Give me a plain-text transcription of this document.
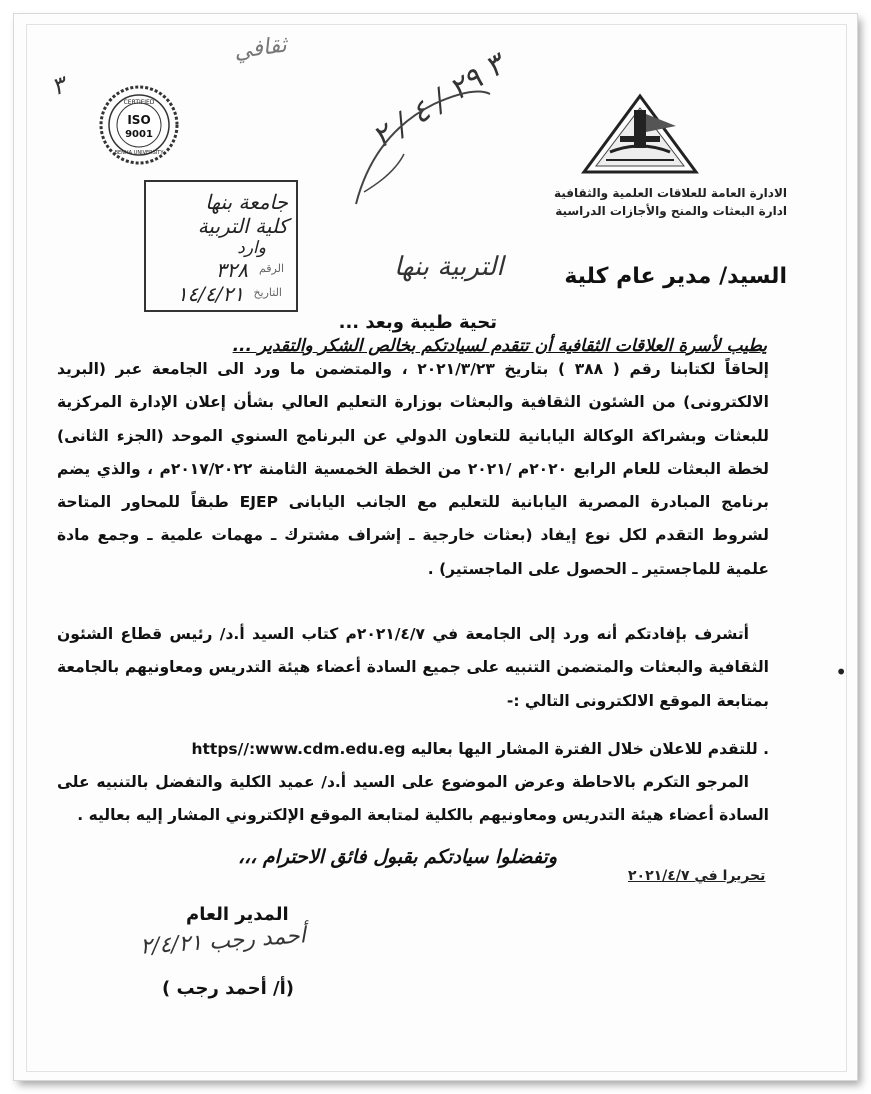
CERTIFIED
ISO
9001
BENHA UNIVERSITY
الادارة العامة للعلاقات العلمية والثقافية
ادارة البعثات والمنح والأجازات الدراسية
ثقافي
٣
٣ ٢٩ / ٤ / ٢
جامعة بنها
كلية التربية
وارد
الرقم
٣٢٨
التاريخ
١٤/٤/٢١
السيد/ مدير عام كلية
التربية بنها
تحية طيبة وبعد ...
يطيب لأسرة العلاقات الثقافية أن تتقدم لسيادتكم بخالص الشكر والتقدير ...
إلحاقاً لكتابنا رقم ( ٣٨٨ ) بتاريخ ٢٠٢١/٣/٢٣ ، والمتضمن ما ورد الى الجامعة عبر (البريد الالكترونى) من الشئون الثقافية والبعثات بوزارة التعليم العالي بشأن إعلان الإدارة المركزية للبعثات وبشراكة الوكالة اليابانية للتعاون الدولي عن البرنامج السنوي الموحد (الجزء الثانى) لخطة البعثات للعام الرابع ٢٠٢٠م /٢٠٢١ من الخطة الخمسية الثامنة ٢٠١٧/٢٠٢٢م ، والذي يضم برنامج المبادرة المصرية اليابانية للتعليم مع الجانب اليابانى EJEP طبقاً للمحاور المتاحة لشروط التقدم لكل نوع إيفاد (بعثات خارجية ـ إشراف مشترك ـ مهمات علمية ـ وجمع مادة علمية للماجستير ـ الحصول على الماجستير) .
أتشرف بإفادتكم أنه ورد إلى الجامعة في ٢٠٢١/٤/٧م كتاب السيد أ.د/ رئيس قطاع الشئون الثقافية والبعثات والمتضمن التنبيه على جميع السادة أعضاء هيئة التدريس ومعاونيهم بالجامعة بمتابعة الموقع الالكترونى التالي :-
•
https//:www.cdm.edu.eg للتقدم للاعلان خلال الفترة المشار اليها بعاليه .
المرجو التكرم بالاحاطة وعرض الموضوع على السيد أ.د/ عميد الكلية والتفضل بالتنبيه على السادة أعضاء هيئة التدريس ومعاونيهم بالكلية لمتابعة الموقع الإلكتروني المشار إليه بعاليه .
وتفضلوا سيادتكم بقبول فائق الاحترام ،،،
تحريرا في ٢٠٢١/٤/٧
المدير العام
أحمد رجب ٢/٤/٢١
(أ/ أحمد رجب )
